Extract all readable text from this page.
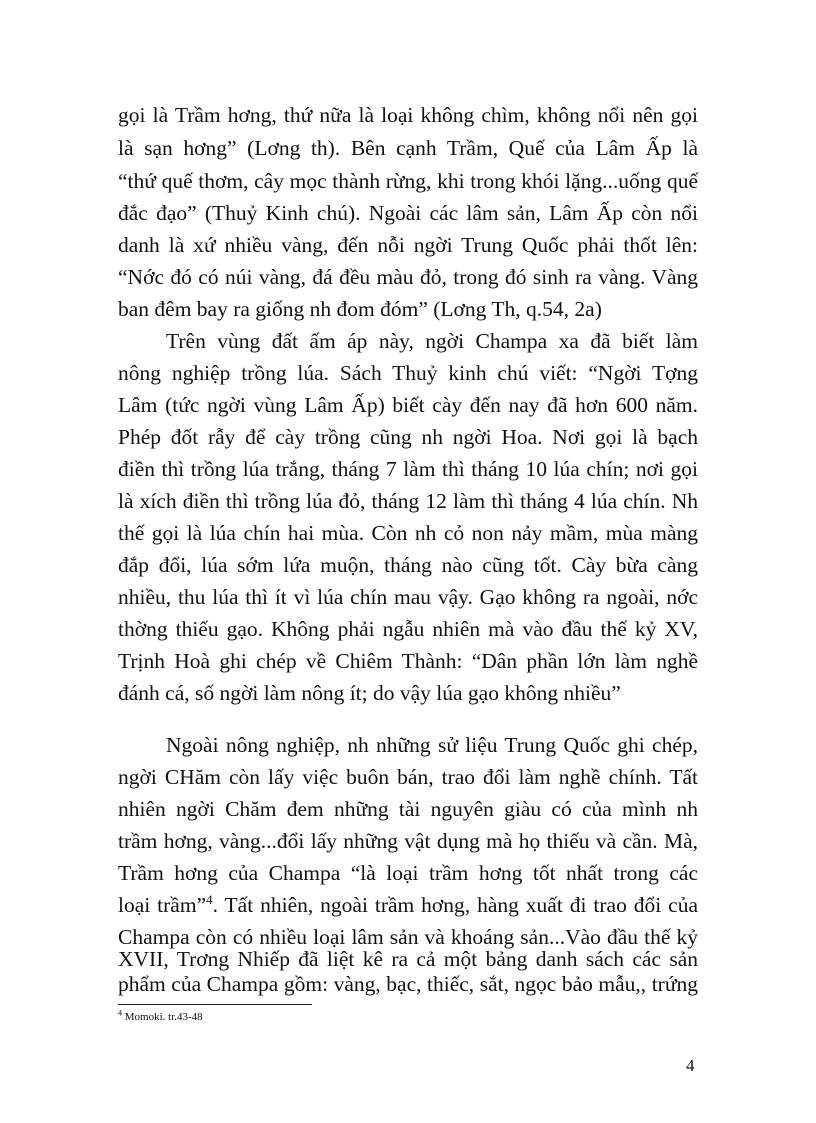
gọi là Trầm hơng, thứ nữa là loại không chìm, không nổi nên gọi
là sạn hơng” (Lơng th). Bên cạnh Trầm, Quế của Lâm Ấp là
“thứ quế thơm, cây mọc thành rừng, khi trong khói lặng...uống quế
đắc đạo” (Thuỷ Kinh chú). Ngoài các lâm sản, Lâm Ấp còn nổi
danh là xứ nhiều vàng, đến nỗi ngời Trung Quốc phải thốt lên:
“Nớc đó có núi vàng, đá đều màu đỏ, trong đó sinh ra vàng. Vàng
ban đêm bay ra giống nh đom đóm” (Lơng Th, q.54, 2a)
Trên vùng đất ấm áp này, ngời Champa xa đã biết làm
nông nghiệp trồng lúa. Sách Thuỷ kinh chú viết: “Ngời Tợng
Lâm (tức ngời vùng Lâm Ấp) biết cày đến nay đã hơn 600 năm.
Phép đốt rẫy để cày trồng cũng nh ngời Hoa. Nơi gọi là bạch
điền thì trồng lúa trắng, tháng 7 làm thì tháng 10 lúa chín; nơi gọi
là xích điền thì trồng lúa đỏ, tháng 12 làm thì tháng 4 lúa chín. Nh
thế gọi là lúa chín hai mùa. Còn nh cỏ non nảy mầm, mùa màng
đắp đổi, lúa sớm lứa muộn, tháng nào cũng tốt. Cày bừa càng
nhiều, thu lúa thì ít vì lúa chín mau vậy. Gạo không ra ngoài, nớc
thờng thiếu gạo. Không phải ngẫu nhiên mà vào đầu thế kỷ XV,
Trịnh Hoà ghi chép về Chiêm Thành: “Dân phần lớn làm nghề
đánh cá, số ngời làm nông ít; do vậy lúa gạo không nhiều”
Ngoài nông nghiệp, nh những sử liệu Trung Quốc ghi chép,
ngời CHăm còn lấy việc buôn bán, trao đổi làm nghề chính. Tất
nhiên ngời Chăm đem những tài nguyên giàu có của mình nh
trầm hơng, vàng...đổi lấy những vật dụng mà họ thiếu và cần. Mà,
Trầm hơng của Champa “là loại trầm hơng tốt nhất trong các
loại trầm”$^4$. Tất nhiên, ngoài trầm hơng, hàng xuất đi trao đổi của
Champa còn có nhiều loại lâm sản và khoáng sản...Vào đầu thế kỷ
XVII, Trơng Nhiếp đã liệt kê ra cả một bảng danh sách các sản
phẩm của Champa gồm: vàng, bạc, thiếc, sắt, ngọc bảo mẫu,, trứng
$^4$ Momoki. tr.43-48
4
